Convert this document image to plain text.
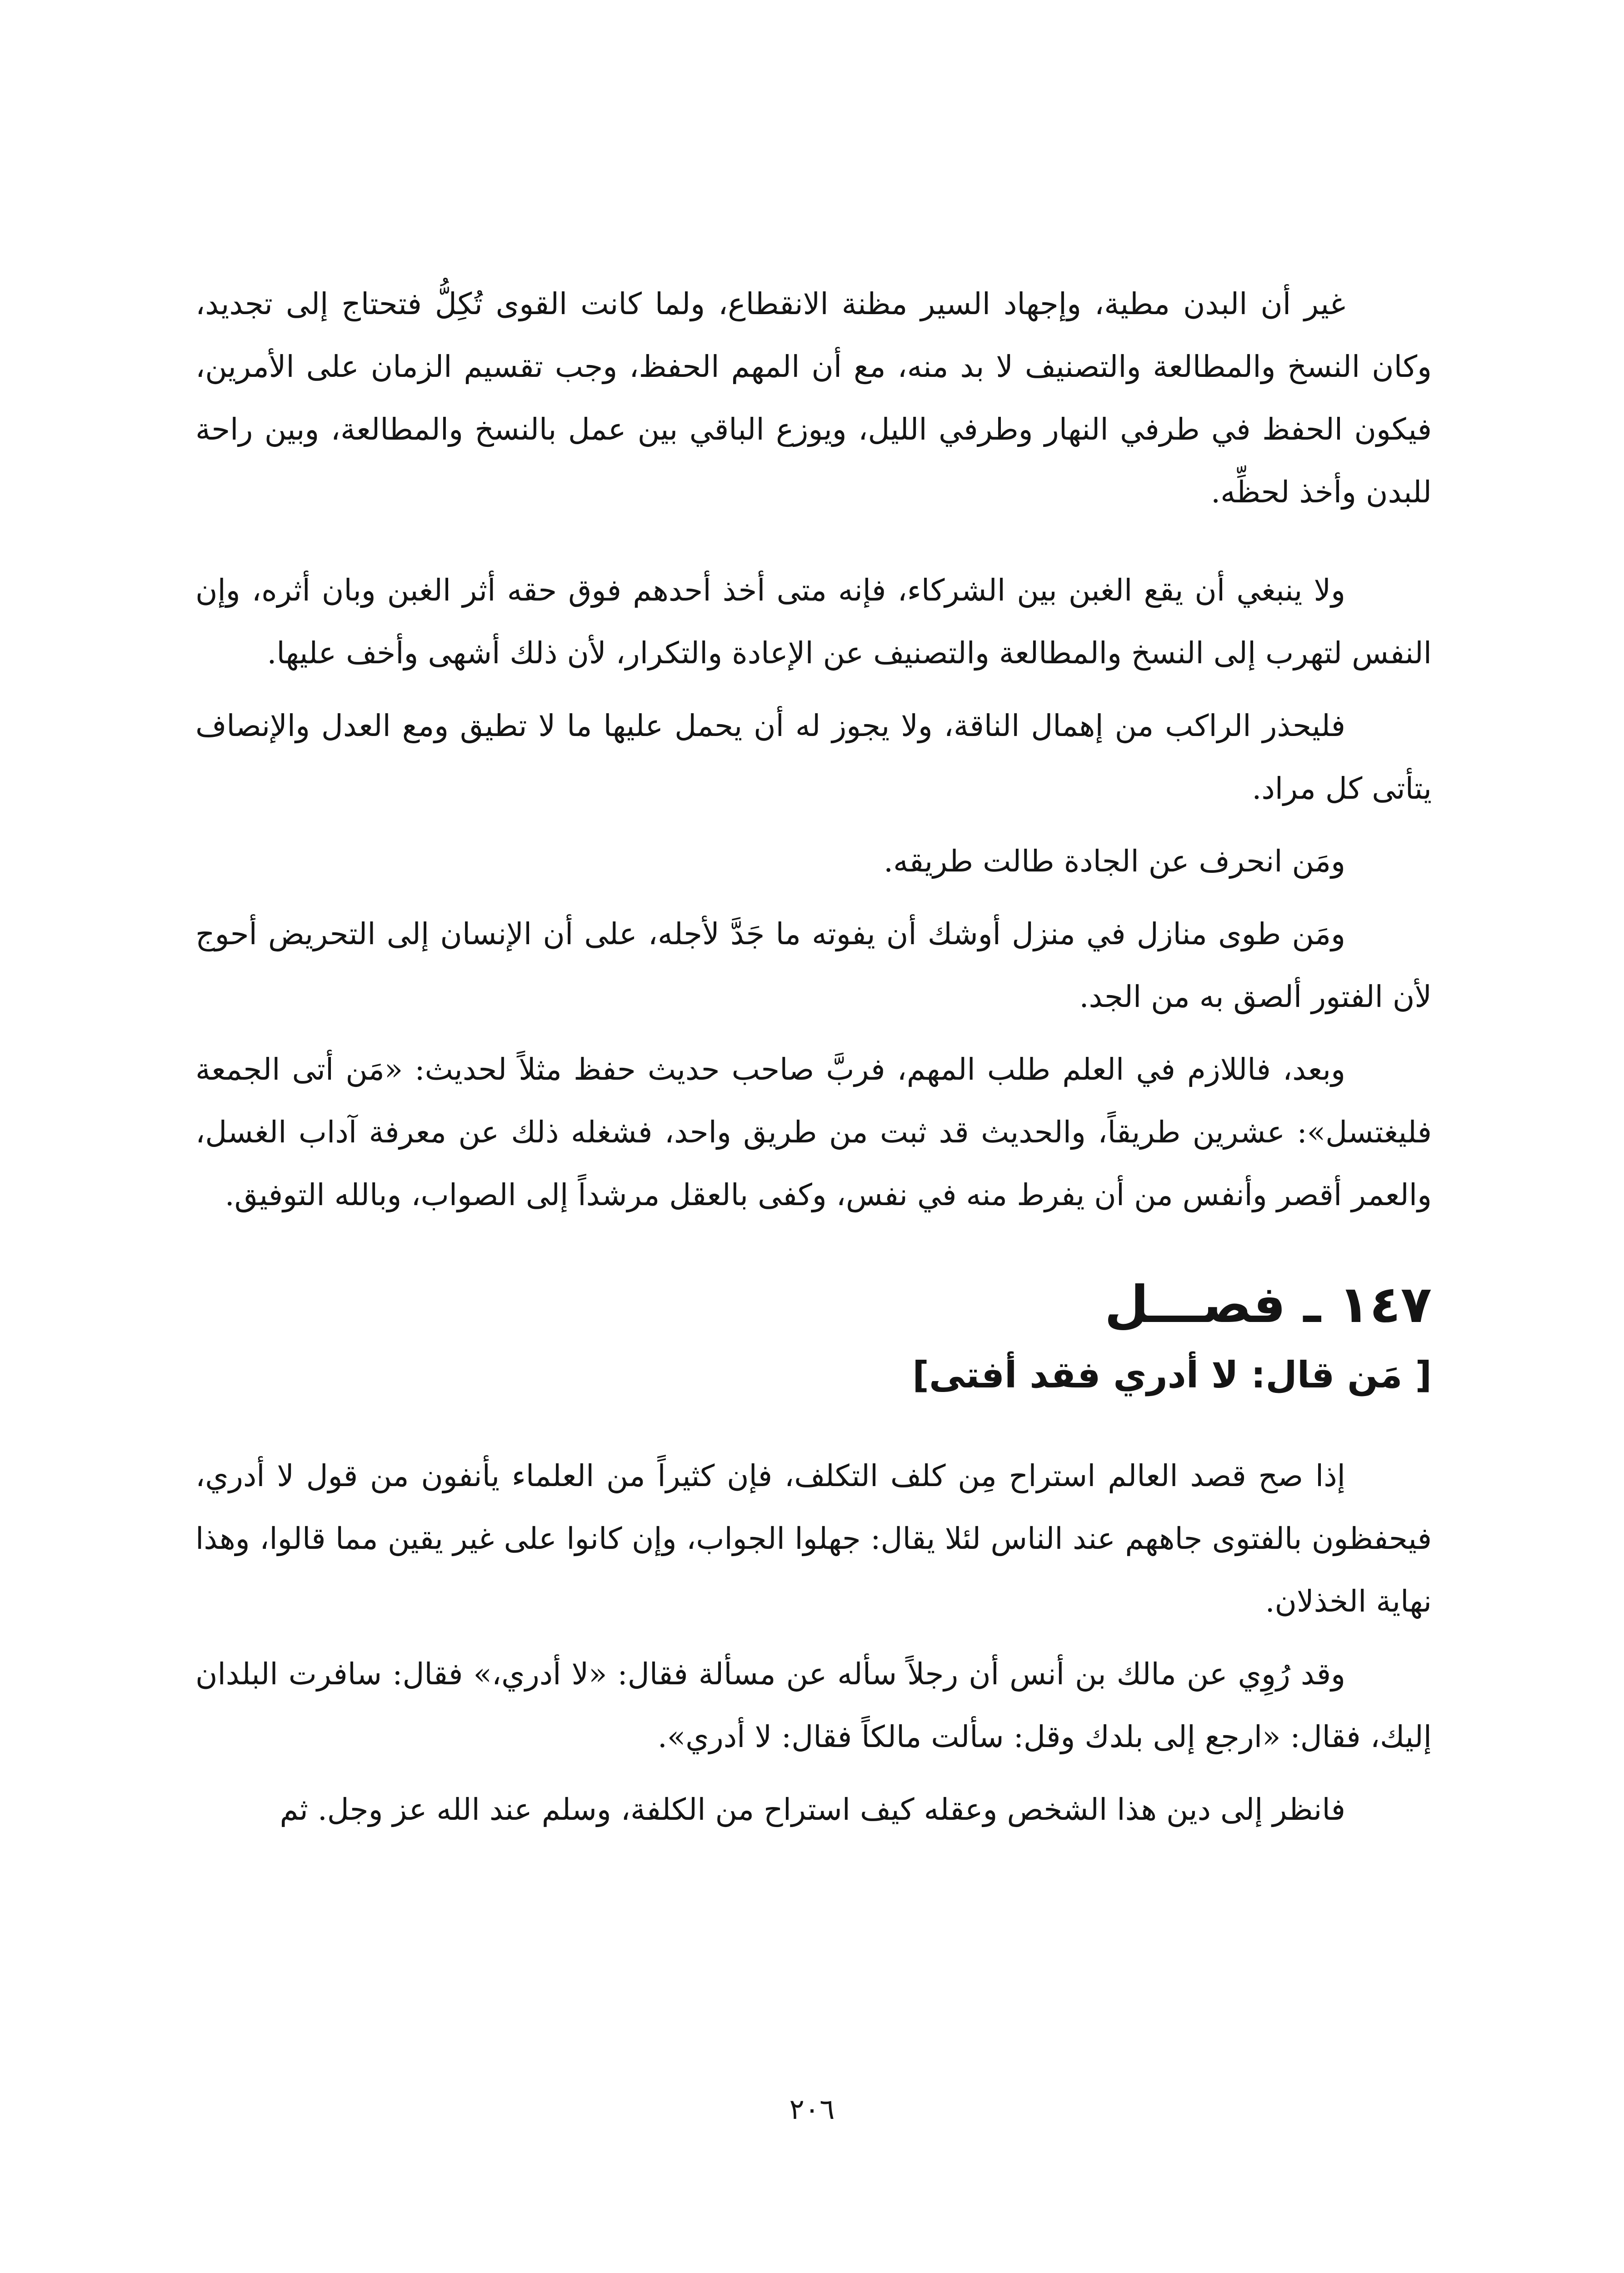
غير أن البدن مطية، وإجهاد السير مظنة الانقطاع، ولما كانت القوى تُكِلُّ فتحتاج إلى تجديد، وكان النسخ والمطالعة والتصنيف لا بد منه، مع أن المهم الحفظ، وجب تقسيم الزمان على الأمرين، فيكون الحفظ في طرفي النهار وطرفي الليل، ويوزع الباقي بين عمل بالنسخ والمطالعة، وبين راحة للبدن وأخذ لحظِّه.

ولا ينبغي أن يقع الغبن بين الشركاء، فإنه متى أخذ أحدهم فوق حقه أثر الغبن وبان أثره، وإن النفس لتهرب إلى النسخ والمطالعة والتصنيف عن الإعادة والتكرار، لأن ذلك أشهى وأخف عليها.

فليحذر الراكب من إهمال الناقة، ولا يجوز له أن يحمل عليها ما لا تطيق ومع العدل والإنصاف يتأتى كل مراد.

ومَن انحرف عن الجادة طالت طريقه.

ومَن طوى منازل في منزل أوشك أن يفوته ما جَدَّ لأجله، على أن الإنسان إلى التحريض أحوج لأن الفتور ألصق به من الجد.

وبعد، فاللازم في العلم طلب المهم، فربَّ صاحب حديث حفظ مثلاً لحديث: «مَن أتى الجمعة فليغتسل»: عشرين طريقاً، والحديث قد ثبت من طريق واحد، فشغله ذلك عن معرفة آداب الغسل، والعمر أقصر وأنفس من أن يفرط منه في نفس، وكفى بالعقل مرشداً إلى الصواب، وبالله التوفيق.

١٤٧ ـ فصـــل

[ مَن قال: لا أدري فقد أفتى]

إذا صح قصد العالم استراح مِن كلف التكلف، فإن كثيراً من العلماء يأنفون من قول لا أدري، فيحفظون بالفتوى جاههم عند الناس لئلا يقال: جهلوا الجواب، وإن كانوا على غير يقين مما قالوا، وهذا نهاية الخذلان.

وقد رُوِي عن مالك بن أنس أن رجلاً سأله عن مسألة فقال: «لا أدري،» فقال: سافرت البلدان إليك، فقال: «ارجع إلى بلدك وقل: سألت مالكاً فقال: لا أدري».

فانظر إلى دين هذا الشخص وعقله كيف استراح من الكلفة، وسلم عند الله عز وجل. ثم

٢٠٦
